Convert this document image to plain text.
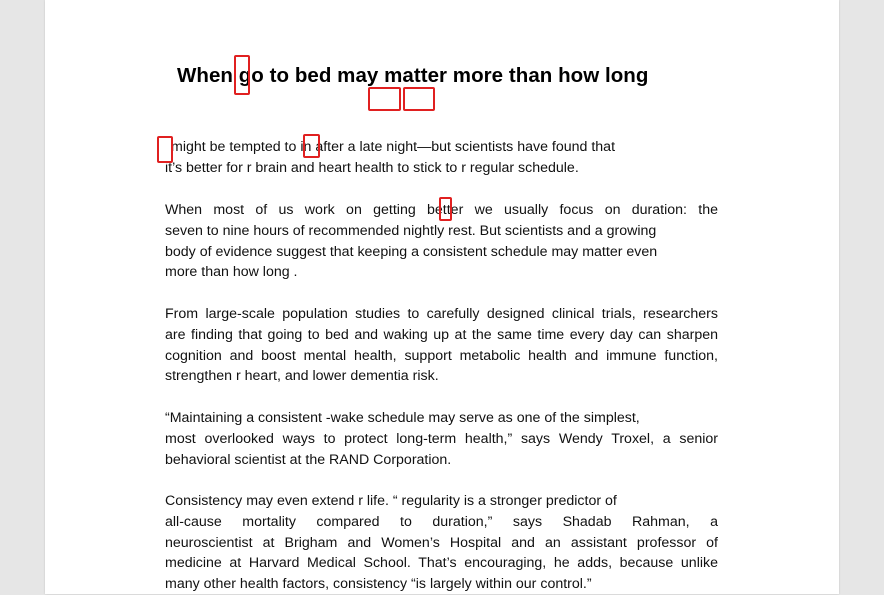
When go to bed may matter more than how long
might be tempted to in after a late night—but scientists have found that
it’s better for r brain and heart health to stick to r regular schedule.
When most of us work on getting better we usually focus on duration: the
seven to nine hours of recommended nightly rest. But scientists and a growing
body of evidence suggest that keeping a consistent schedule may matter even
more than how long .
From large-scale population studies to carefully designed clinical trials, researchers
are finding that going to bed and waking up at the same time every day can sharpen
cognition and boost mental health, support metabolic health and immune function,
strengthen r heart, and lower dementia risk.
“Maintaining a consistent -wake schedule may serve as one of the simplest,
most overlooked ways to protect long-term health,” says Wendy Troxel, a senior
behavioral scientist at the RAND Corporation.
Consistency may even extend r life. “ regularity is a stronger predictor of
all-cause mortality compared to duration,” says Shadab Rahman, a
neuroscientist at Brigham and Women’s Hospital and an assistant professor of
medicine at Harvard Medical School. That’s encouraging, he adds, because unlike
many other health factors, consistency “is largely within our control.”
